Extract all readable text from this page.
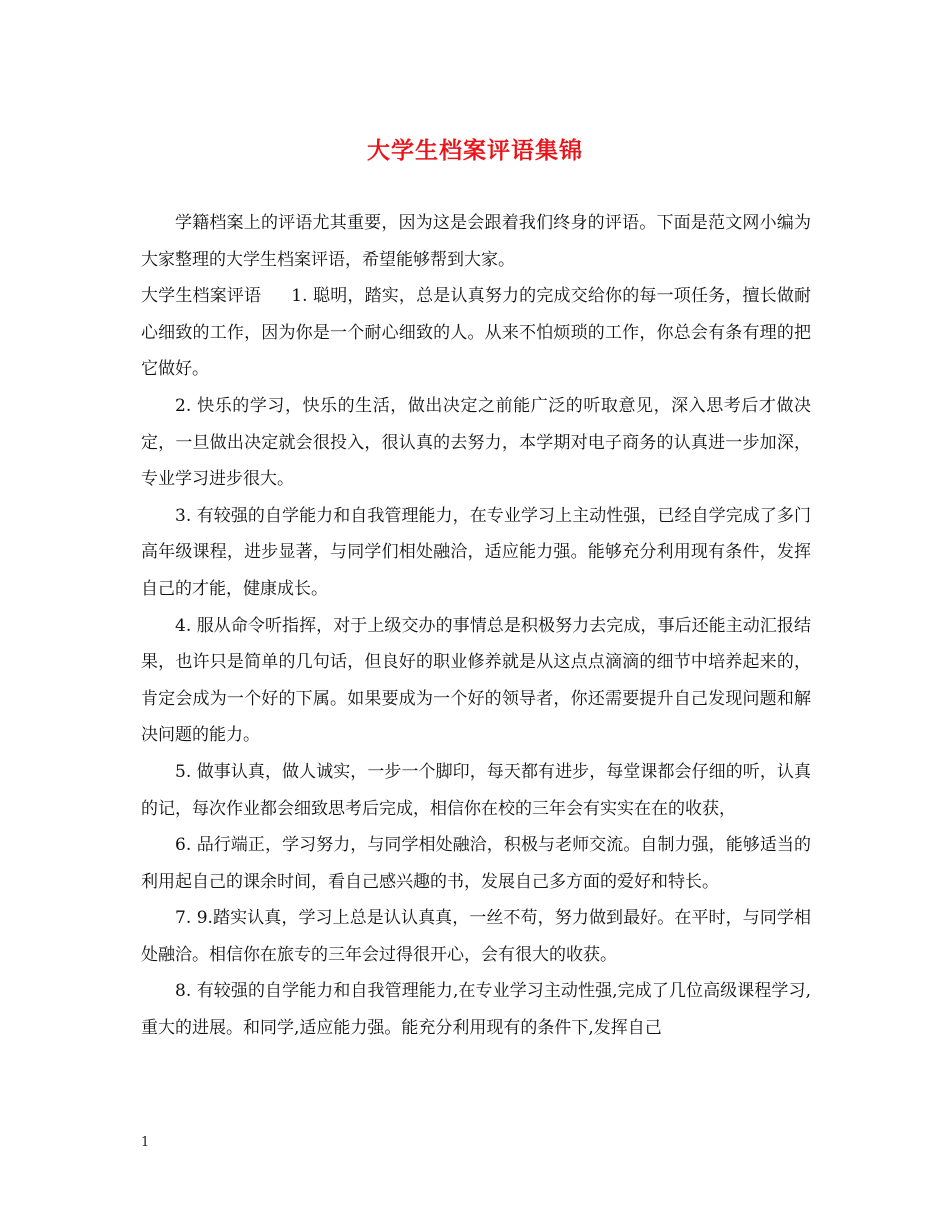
大学生档案评语集锦

学籍档案上的评语尤其重要，因为这是会跟着我们终身的评语。下面是范文网小编为大家整理的大学生档案评语，希望能够帮到大家。

大学生档案评语 1. 聪明，踏实，总是认真努力的完成交给你的每一项任务，擅长做耐心细致的工作，因为你是一个耐心细致的人。从来不怕烦琐的工作，你总会有条有理的把它做好。

2. 快乐的学习，快乐的生活，做出决定之前能广泛的听取意见，深入思考后才做决定，一旦做出决定就会很投入，很认真的去努力，本学期对电子商务的认真进一步加深，专业学习进步很大。

3. 有较强的自学能力和自我管理能力，在专业学习上主动性强，已经自学完成了多门高年级课程，进步显著，与同学们相处融洽，适应能力强。能够充分利用现有条件，发挥自己的才能，健康成长。

4. 服从命令听指挥，对于上级交办的事情总是积极努力去完成，事后还能主动汇报结果，也许只是简单的几句话，但良好的职业修养就是从这点点滴滴的细节中培养起来的，肯定会成为一个好的下属。如果要成为一个好的领导者，你还需要提升自己发现问题和解决问题的能力。

5. 做事认真，做人诚实，一步一个脚印，每天都有进步，每堂课都会仔细的听，认真的记，每次作业都会细致思考后完成，相信你在校的三年会有实实在在的收获，

6. 品行端正，学习努力，与同学相处融洽，积极与老师交流。自制力强，能够适当的利用起自己的课余时间，看自己感兴趣的书，发展自己多方面的爱好和特长。

7. 9.踏实认真，学习上总是认认真真，一丝不苟，努力做到最好。在平时，与同学相处融洽。相信你在旅专的三年会过得很开心，会有很大的收获。

8. 有较强的自学能力和自我管理能力,在专业学习主动性强,完成了几位高级课程学习,重大的进展。和同学,适应能力强。能充分利用现有的条件下,发挥自己

1
